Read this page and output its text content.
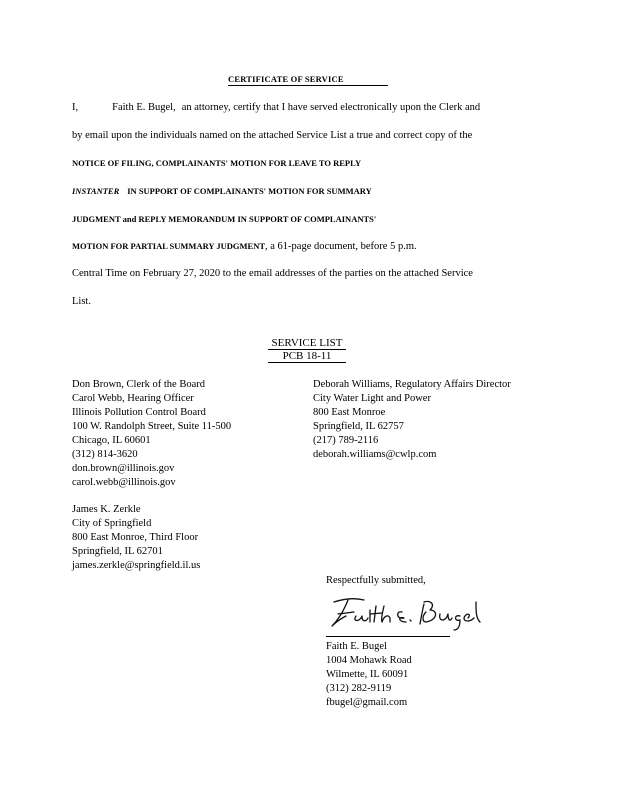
CERTIFICATE OF SERVICE
I,	Faith E. Bugel, an attorney, certify that I have served electronically upon the Clerk and
by email upon the individuals named on the attached Service List a true and correct copy of the
NOTICE OF FILING, COMPLAINANTS' MOTION FOR LEAVE TO REPLY
INSTANTER IN SUPPORT OF COMPLAINANTS' MOTION FOR SUMMARY
JUDGMENT and REPLY MEMORANDUM IN SUPPORT OF COMPLAINANTS'
MOTION FOR PARTIAL SUMMARY JUDGMENT, a 61-page document, before 5 p.m.
Central Time on February 27, 2020 to the email addresses of the parties on the attached Service
List.
SERVICE LIST
PCB 18-11
Don Brown, Clerk of the Board
Carol Webb, Hearing Officer
Illinois Pollution Control Board
100 W. Randolph Street, Suite 11-500
Chicago, IL 60601
(312) 814-3620
don.brown@illinois.gov
carol.webb@illinois.gov
James K. Zerkle
City of Springfield
800 East Monroe, Third Floor
Springfield, IL 62701
james.zerkle@springfield.il.us
Deborah Williams, Regulatory Affairs Director
City Water Light and Power
800 East Monroe
Springfield, IL 62757
(217) 789-2116
deborah.williams@cwlp.com
Respectfully submitted,
Faith E. Bugel
1004 Mohawk Road
Wilmette, IL 60091
(312) 282-9119
fbugel@gmail.com
